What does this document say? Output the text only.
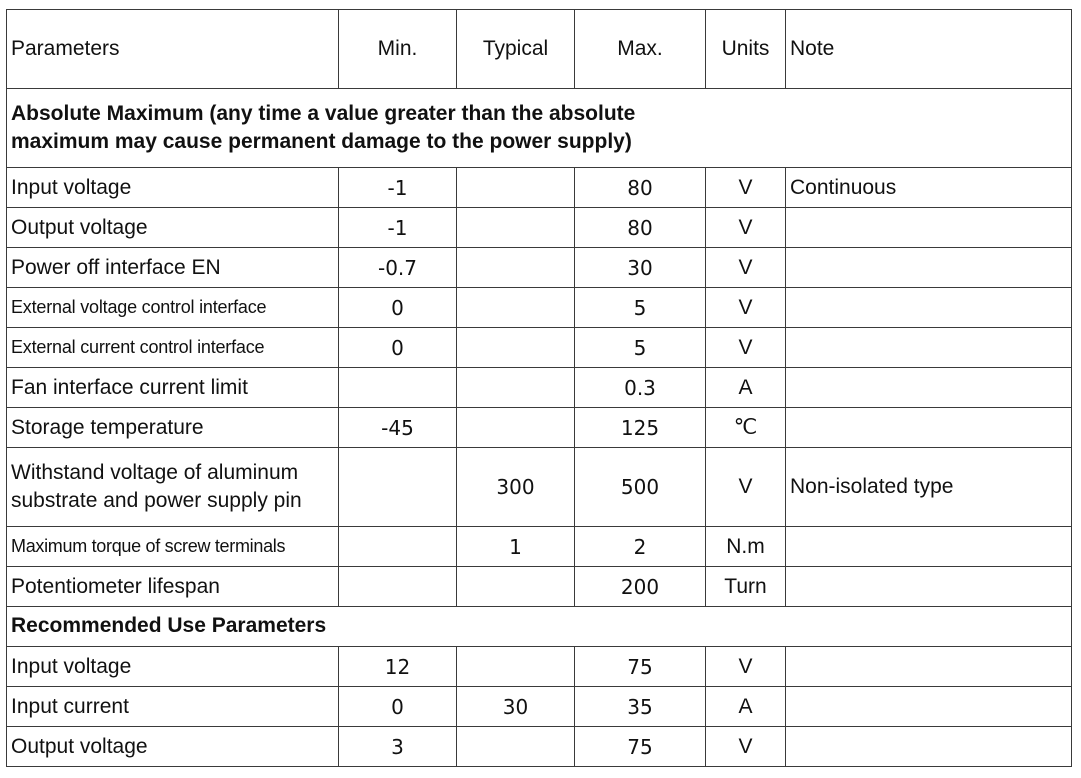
Parameters	Min.	Typical	Max.	Units	Note
Absolute Maximum (any time a value greater than the absolute
maximum may cause permanent damage to the power supply)					
Input voltage	-1		80	V	Continuous
Output voltage	-1		80	V	
Power off interface EN	-0.7		30	V	
External voltage control interface	0		5	V	
External current control interface	0		5	V	
Fan interface current limit			0.3	A	
Storage temperature	-45		125	℃	
Withstand voltage of aluminum
substrate and power supply pin		300	500	V	Non-isolated type
Maximum torque of screw terminals		1	2	N.m	
Potentiometer lifespan			200	Turn	
Recommended Use Parameters					
Input voltage	12		75	V	
Input current	0	30	35	A	
Output voltage	3		75	V	
